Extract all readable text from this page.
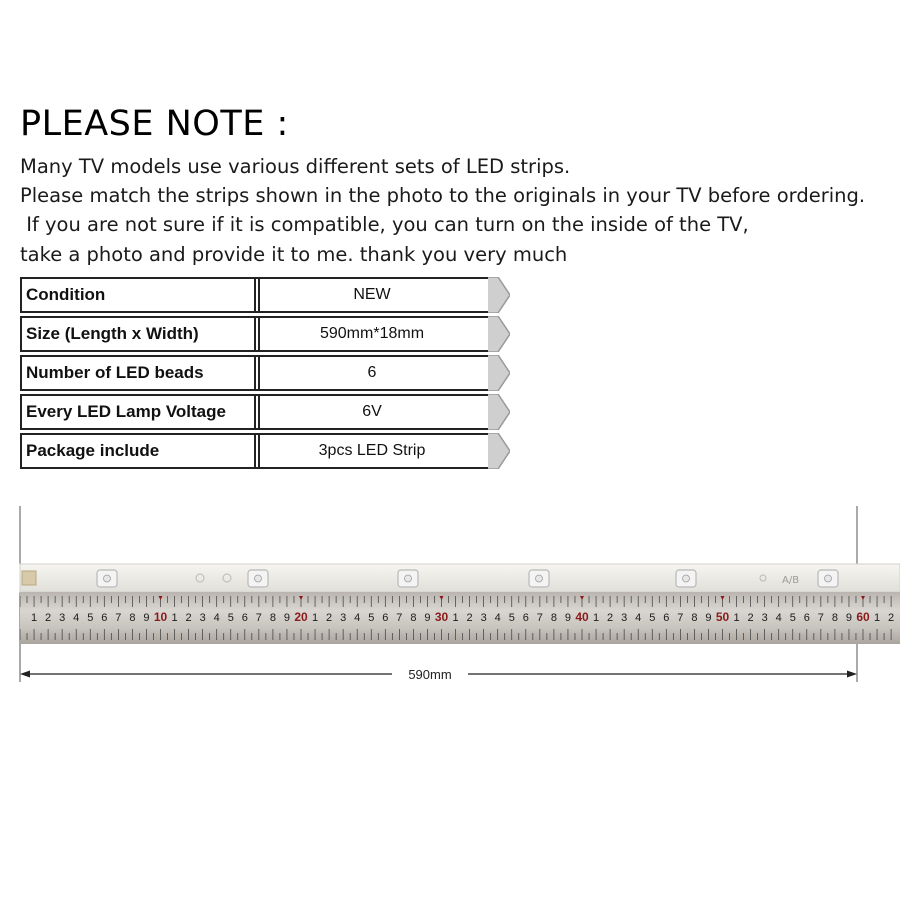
PLEASE NOTE :
Many TV models use various different sets of LED strips.
Please match the strips shown in the photo to the originals in your TV before ordering.
If you are not sure if it is compatible, you can turn on the inside of the TV,
take a photo and provide it to me. thank you very much
Condition	NEW
Size (Length x Width)	590mm*18mm
Number of LED beads	6
Every LED Lamp Voltage	6V
Package include	3pcs LED Strip
A/B
1 2 3 4 5 6 7 8 9 10 1 2 3 4 5 6 7 8 9 20 1 2 3 4 5 6 7 8 9 30 1 2 3 4 5 6 7 8 9 40 1 2 3 4 5 6 7 8 9 50 1 2 3 4 5 6 7 8 9 60 1 2
590mm
